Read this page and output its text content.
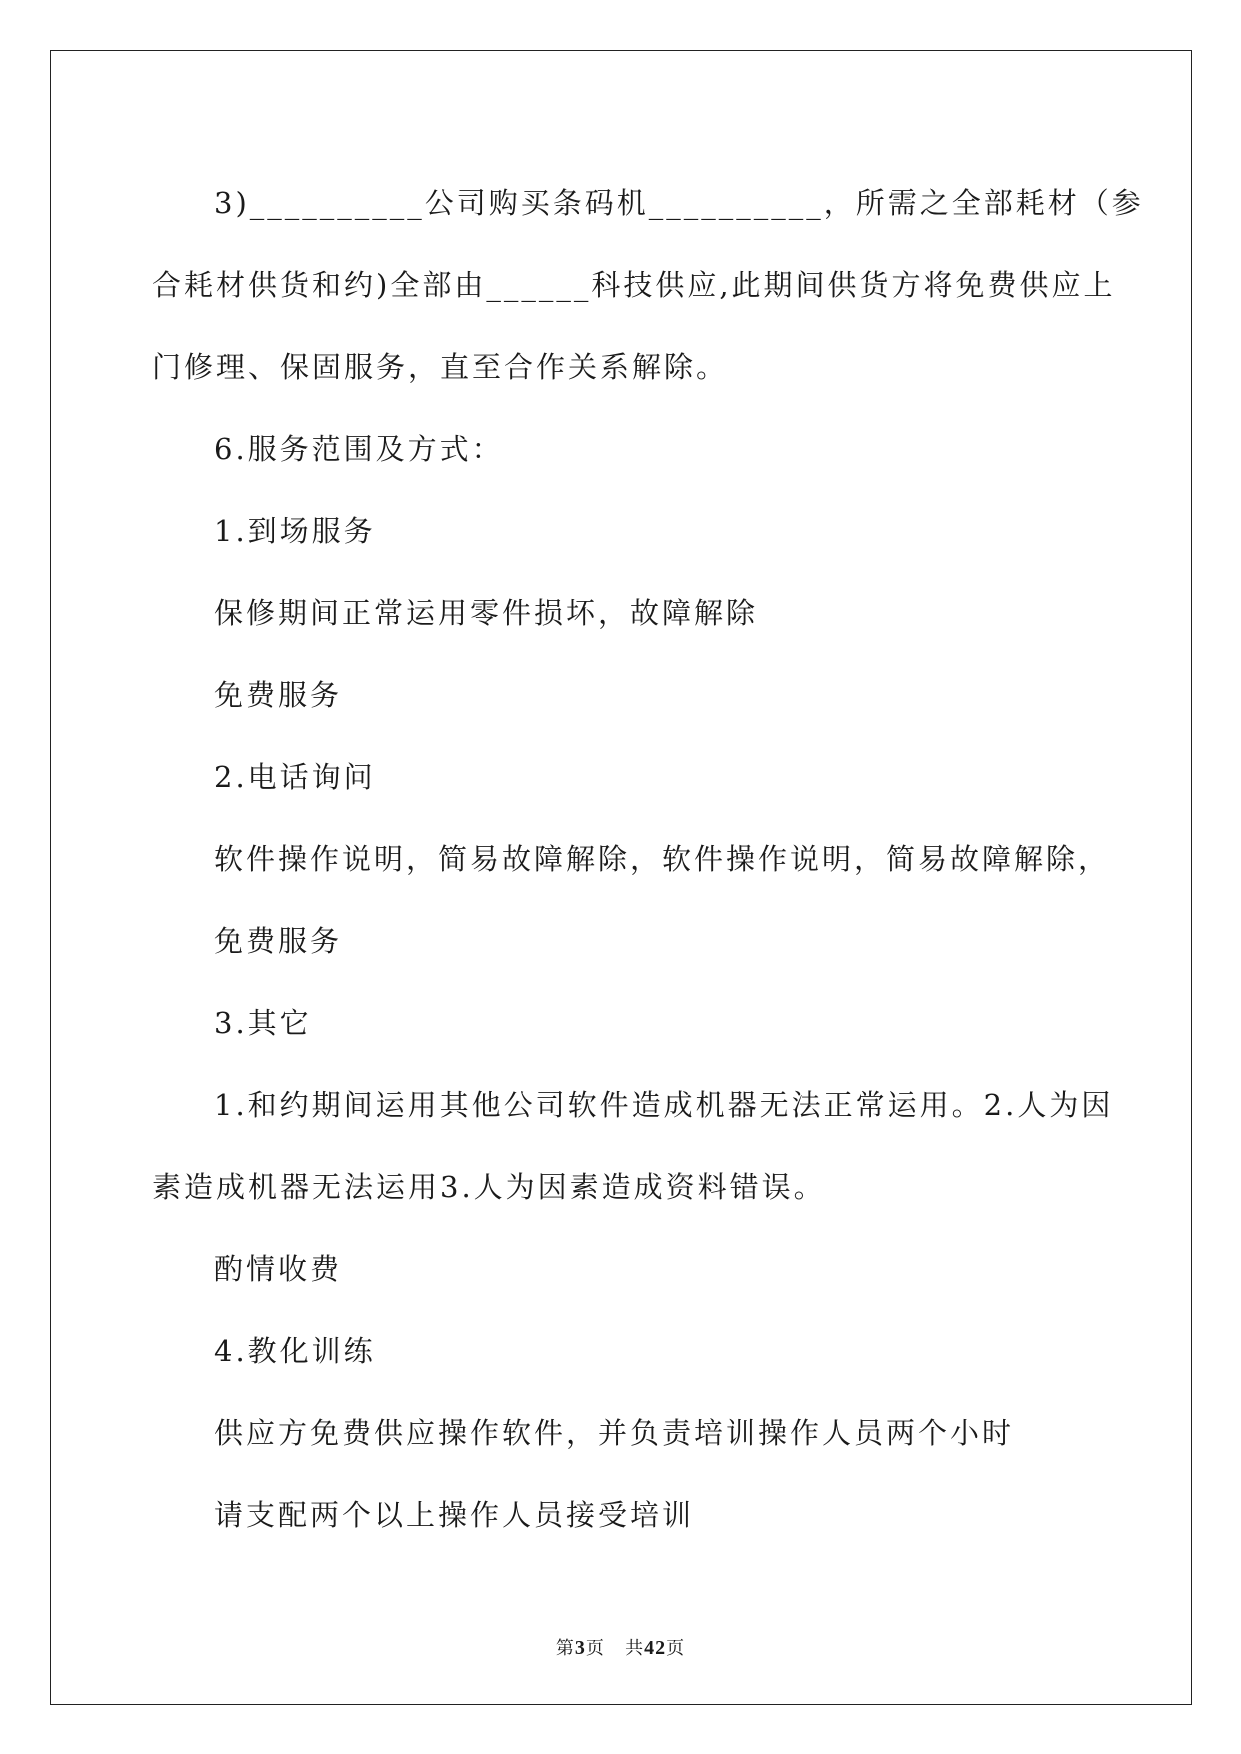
3)__________公司购买条码机__________，所需之全部耗材（参

合耗材供货和约)全部由______科技供应,此期间供货方将免费供应上

门修理、保固服务，直至合作关系解除。

6.服务范围及方式：

1.到场服务

保修期间正常运用零件损坏，故障解除

免费服务

2.电话询问

软件操作说明，简易故障解除，软件操作说明，简易故障解除，

免费服务

3.其它

1.和约期间运用其他公司软件造成机器无法正常运用。2.人为因

素造成机器无法运用3.人为因素造成资料错误。

酌情收费

4.教化训练

供应方免费供应操作软件，并负责培训操作人员两个小时

请支配两个以上操作人员接受培训

第3页 共42页
